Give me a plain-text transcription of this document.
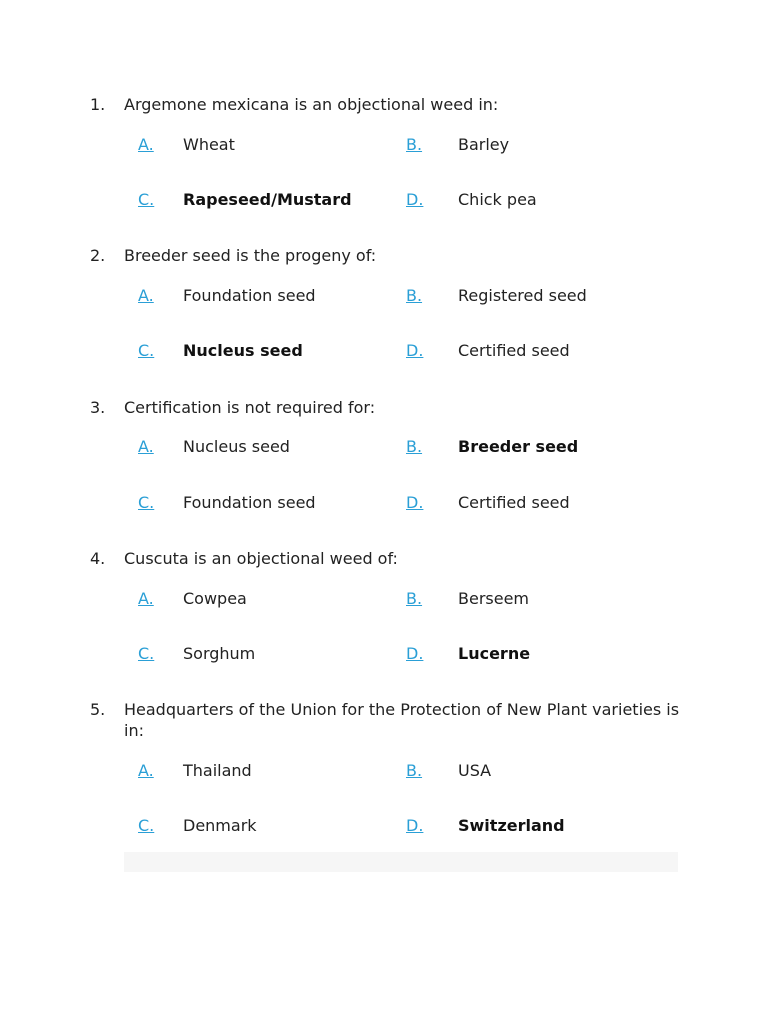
1.	Argemone mexicana is an objectional weed in:
A. Wheat	B. Barley
C. Rapeseed/Mustard	D. Chick pea
2.	Breeder seed is the progeny of:
A. Foundation seed	B. Registered seed
C. Nucleus seed	D. Certified seed
3.	Certification is not required for:
A. Nucleus seed	B. Breeder seed
C. Foundation seed	D. Certified seed
4.	Cuscuta is an objectional weed of:
A. Cowpea	B. Berseem
C. Sorghum	D. Lucerne
5.	Headquarters of the Union for the Protection of New Plant varieties is in:
A. Thailand	B. USA
C. Denmark	D. Switzerland
